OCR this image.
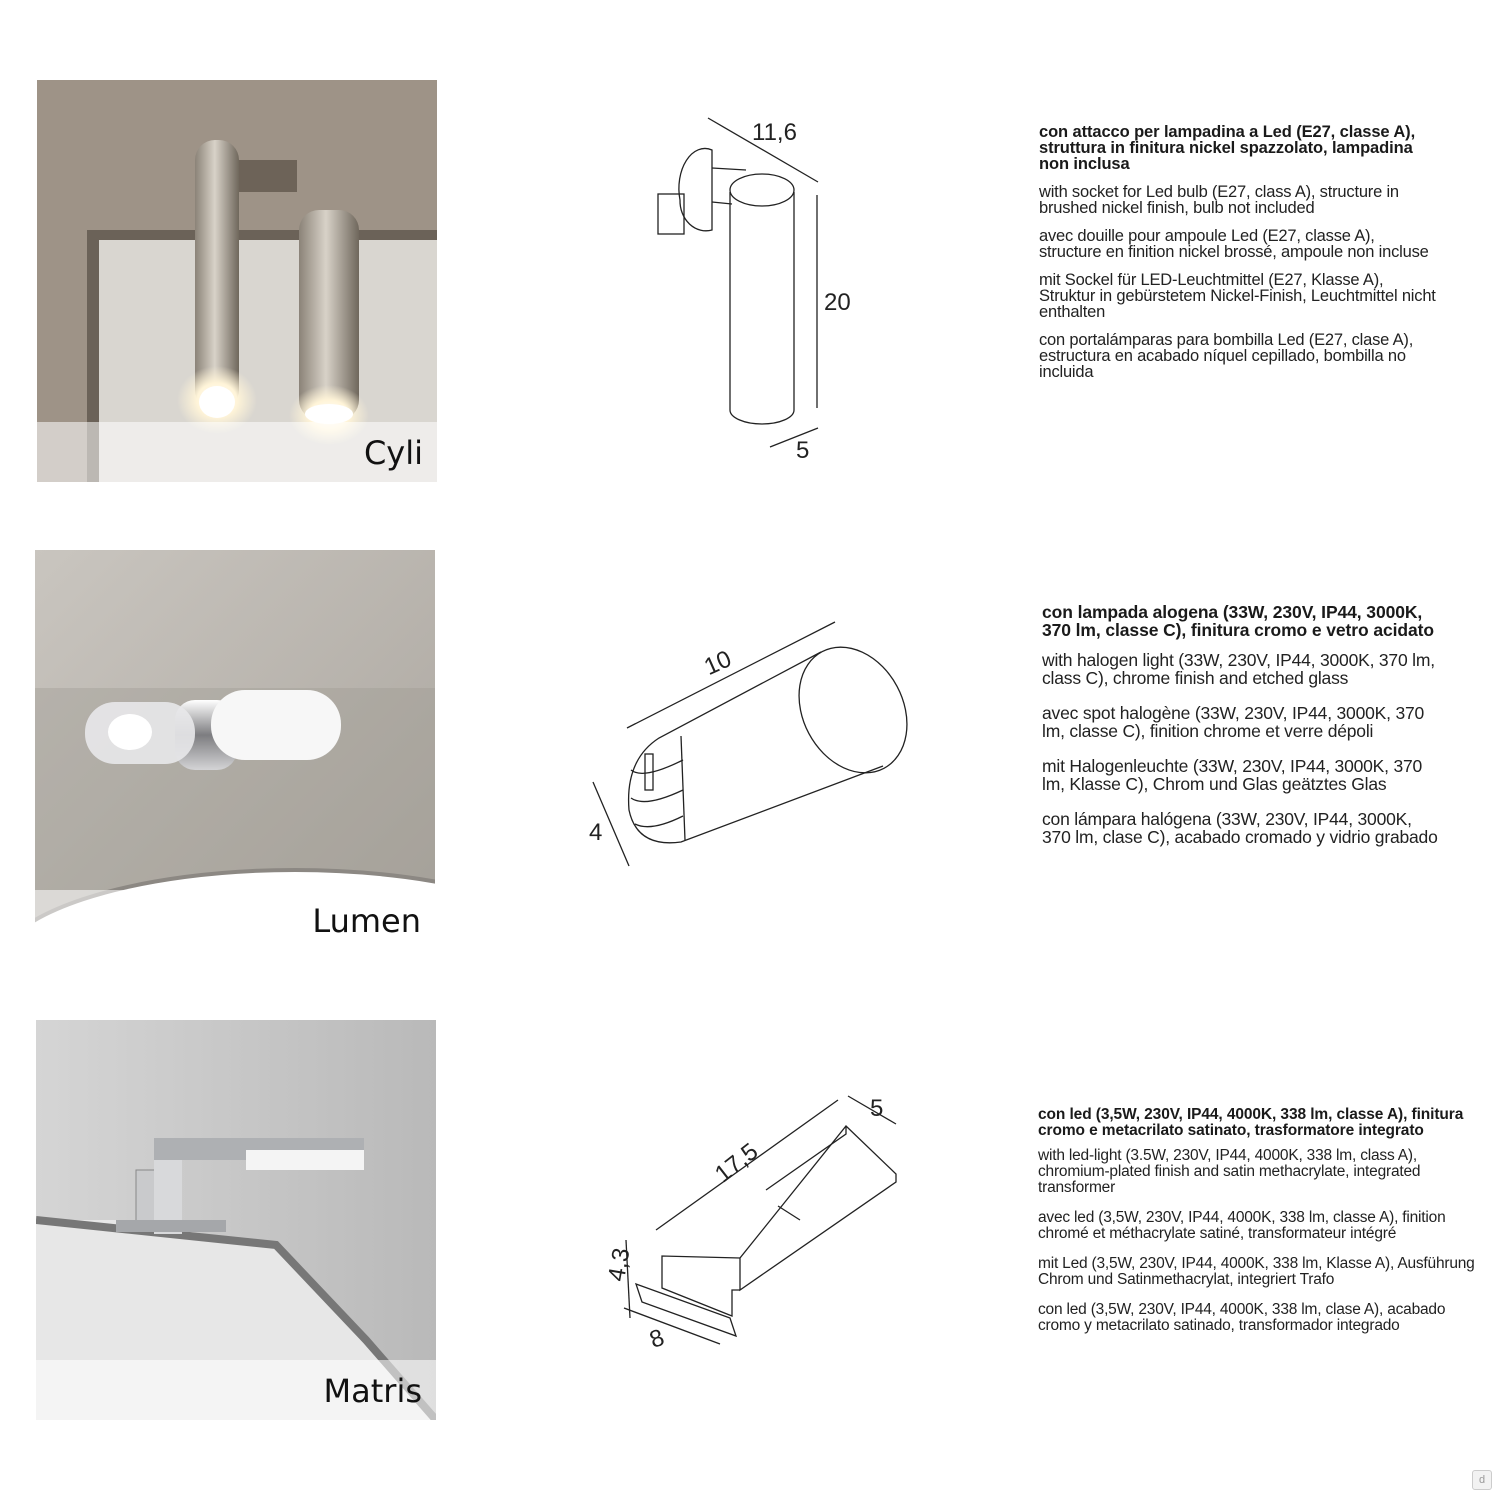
Cyli
11,6
20
5
con attacco per lampadina a Led (E27, classe A), struttura in finitura nickel spazzolato, lampadina non inclusa

with socket for Led bulb (E27, class A), structure in brushed nickel finish, bulb not included

avec douille pour ampoule Led (E27, classe A), structure en finition nickel brossé, ampoule non incluse

mit Sockel für LED-Leuchtmittel (E27, Klasse A), Struktur in gebürstetem Nickel-Finish, Leuchtmittel nicht enthalten

con portalámparas para bombilla Led (E27, clase A), estructura en acabado níquel cepillado, bombilla no incluida

Lumen
10
4
con lampada alogena (33W, 230V, IP44, 3000K, 370 lm, classe C), finitura cromo e vetro acidato

with halogen light (33W, 230V, IP44, 3000K, 370 lm, class C), chrome finish and etched glass

avec spot halogène (33W, 230V, IP44, 3000K, 370 lm, classe C), finition chrome et verre dépoli

mit Halogenleuchte (33W, 230V, IP44, 3000K, 370 lm, Klasse C), Chrom und Glas geätztes Glas

con lámpara halógena (33W, 230V, IP44, 3000K, 370 lm, clase C), acabado cromado y vidrio grabado

Matris
17,5
5
4,3
8
con led (3,5W, 230V, IP44, 4000K, 338 lm, classe A), finitura cromo e metacrilato satinato, trasformatore integrato

with led-light (3.5W, 230V, IP44, 4000K, 338 lm, class A), chromium-plated finish and satin methacrylate, integrated transformer

avec led (3,5W, 230V, IP44, 4000K, 338 lm, classe A), finition chromé et méthacrylate satiné, transformateur intégré

mit Led (3,5W, 230V, IP44, 4000K, 338 lm, Klasse A), Ausführung Chrom und Satinmethacrylat, integriert Trafo

con led (3,5W, 230V, IP44, 4000K, 338 lm, clase A), acabado cromo y metacrilato satinado, transformador integrado

d
